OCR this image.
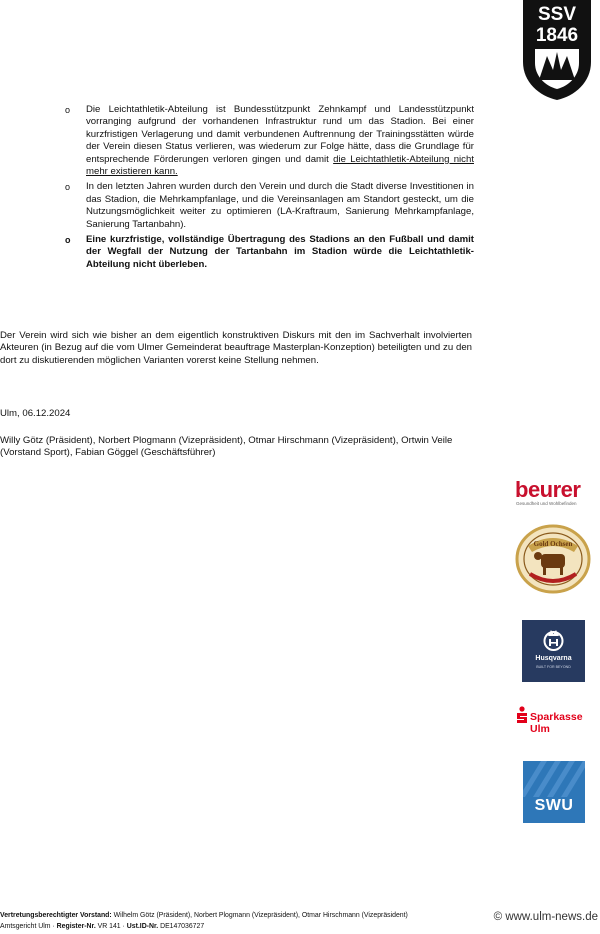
SSV
1846
o Die Leichtathletik-Abteilung ist Bundesstützpunkt Zehnkampf und Landesstützpunkt vorranging aufgrund der vorhandenen Infrastruktur rund um das Stadion. Bei einer kurzfristigen Verlagerung und damit verbundenen Auftrennung der Trainingsstätten würde der Verein diesen Status verlieren, was wiederum zur Folge hätte, dass die Grundlage für entsprechende Förderungen verloren gingen und damit die Leichtathletik-Abteilung nicht mehr existieren kann.
o In den letzten Jahren wurden durch den Verein und durch die Stadt diverse Investitionen in das Stadion, die Mehrkampfanlage, und die Vereinsanlagen am Standort gesteckt, um die Nutzungsmöglichkeit weiter zu optimieren (LA-Kraftraum, Sanierung Mehrkampfanlage, Sanierung Tartanbahn).
o Eine kurzfristige, vollständige Übertragung des Stadions an den Fußball und damit der Wegfall der Nutzung der Tartanbahn im Stadion würde die Leichtathletik-Abteilung nicht überleben.

Der Verein wird sich wie bisher an dem eigentlich konstruktiven Diskurs mit den im Sachverhalt involvierten Akteuren (in Bezug auf die vom Ulmer Gemeinderat beauftrage Masterplan-Konzeption) beteiligten und zu den dort zu diskutierenden möglichen Varianten vorerst keine Stellung nehmen.

Ulm, 06.12.2024

Willy Götz (Präsident), Norbert Plogmann (Vizepräsident), Otmar Hirschmann (Vizepräsident), Ortwin Veile (Vorstand Sport), Fabian Göggel (Geschäftsführer)

beurer
Gesundheit und Wohlbefinden
Gold Ochsen
Husqvarna
BUILT FOR BEYOND
Sparkasse
Ulm
SWU

Vertretungsberechtigter Vorstand: Wilhelm Götz (Präsident), Norbert Plogmann (Vizepräsident), Otmar Hirschmann (Vizepräsident)
Amtsgericht Ulm · Register-Nr. VR 141 · Ust.ID-Nr. DE147036727

© www.ulm-news.de
